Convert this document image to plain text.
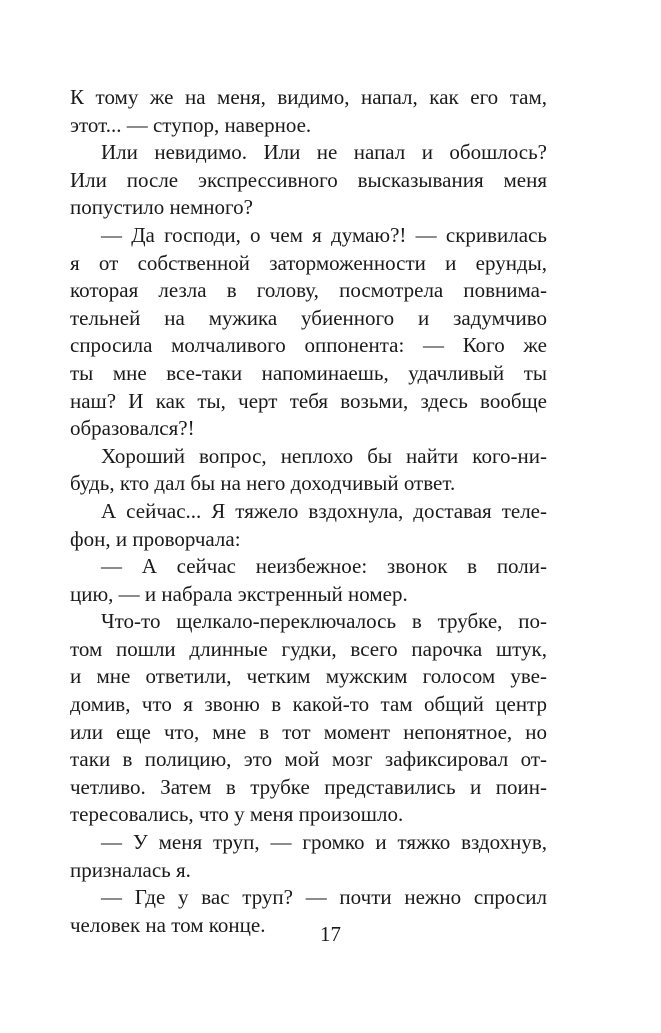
К тому же на меня, видимо, напал, как его там,
этот... — ступор, наверное.
Или невидимо. Или не напал и обошлось?
Или после экспрессивного высказывания меня
попустило немного?
— Да господи, о чем я думаю?! — скривилась
я от собственной заторможенности и ерунды,
которая лезла в голову, посмотрела повнима-
тельней на мужика убиенного и задумчиво
спросила молчаливого оппонента: — Кого же
ты мне все-таки напоминаешь, удачливый ты
наш? И как ты, черт тебя возьми, здесь вообще
образовался?!
Хороший вопрос, неплохо бы найти кого-ни-
будь, кто дал бы на него доходчивый ответ.
А сейчас... Я тяжело вздохнула, доставая теле-
фон, и проворчала:
— А сейчас неизбежное: звонок в поли-
цию, — и набрала экстренный номер.
Что-то щелкало-переключалось в трубке, по-
том пошли длинные гудки, всего парочка штук,
и мне ответили, четким мужским голосом уве-
домив, что я звоню в какой-то там общий центр
или еще что, мне в тот момент непонятное, но
таки в полицию, это мой мозг зафиксировал от-
четливо. Затем в трубке представились и поин-
тересовались, что у меня произошло.
— У меня труп, — громко и тяжко вздохнув,
призналась я.
— Где у вас труп? — почти нежно спросил
человек на том конце.	17
